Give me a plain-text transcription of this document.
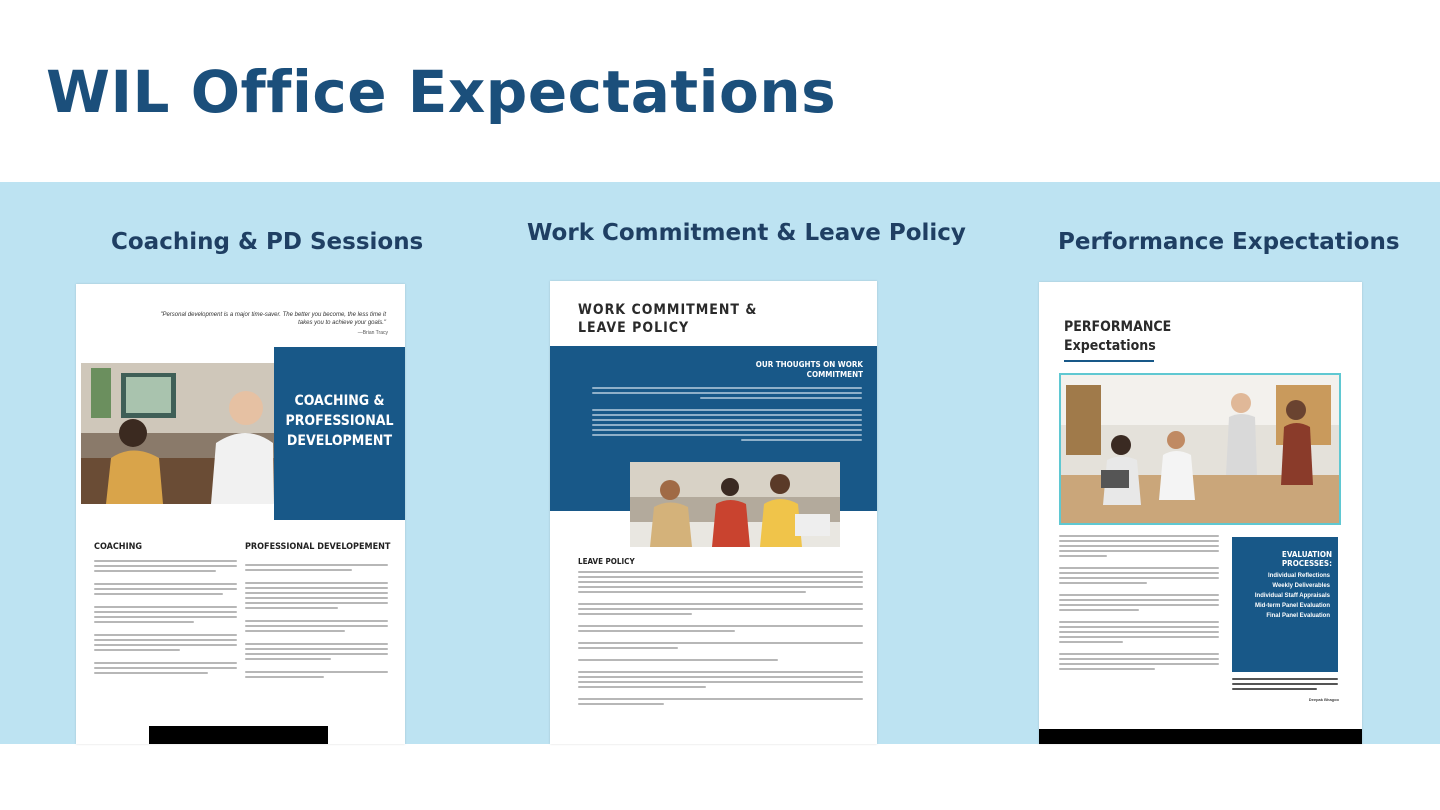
WIL Office Expectations
Coaching & PD Sessions	Work Commitment & Leave Policy	Performance Expectations
"Personal development is a major time-saver. The better you become, the less time it takes you to achieve your goals."
—Brian Tracy
COACHING & PROFESSIONAL DEVELOPMENT
COACHING	PROFESSIONAL DEVELOPEMENT
WORK COMMITMENT & LEAVE POLICY
OUR THOUGHTS ON WORK COMMITMENT
LEAVE POLICY
PERFORMANCE Expectations
EVALUATION PROCESSES:
Individual Reflections
Weekly Deliverables
Individual Staff Appraisals
Mid-term Panel Evaluation
Final Panel Evaluation
Deepak Bhagoo
